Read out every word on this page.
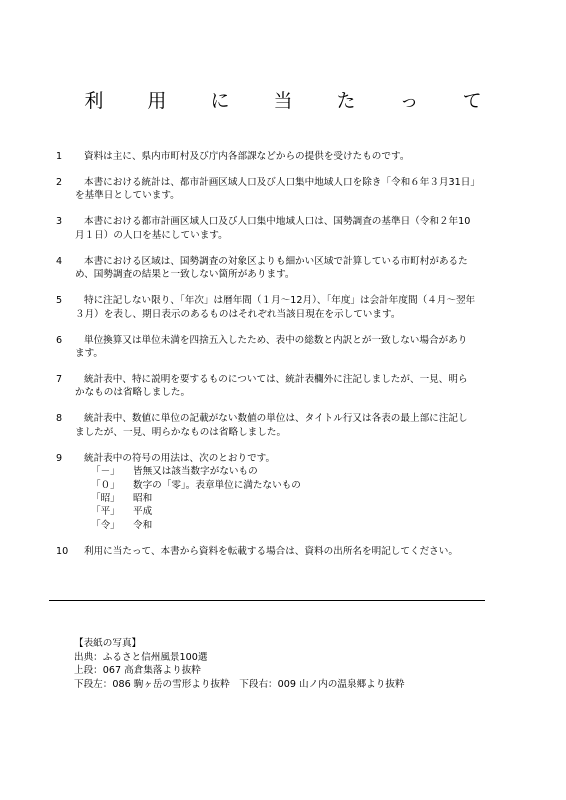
利 用 に 当 た っ て
1	資料は主に、県内市町村及び庁内各部課などからの提供を受けたものです。
2	本書における統計は、都市計画区域人口及び人口集中地域人口を除き「令和６年３月31日」を基準日としています。
3	本書における都市計画区域人口及び人口集中地域人口は、国勢調査の基準日（令和２年10月１日）の人口を基にしています。
4	本書における区域は、国勢調査の対象区よりも細かい区域で計算している市町村があるため、国勢調査の結果と一致しない箇所があります。
5	特に注記しない限り、「年次」は暦年間（１月～12月）、「年度」は会計年度間（４月～翌年３月）を表し、期日表示のあるものはそれぞれ当該日現在を示しています。
6	単位換算又は単位未満を四捨五入したため、表中の総数と内訳とが一致しない場合があります。
7	統計表中、特に説明を要するものについては、統計表欄外に注記しましたが、一見、明らかなものは省略しました。
8	統計表中、数値に単位の記載がない数値の単位は、タイトル行又は各表の最上部に注記しましたが、一見、明らかなものは省略しました。
9	統計表中の符号の用法は、次のとおりです。
「－」	皆無又は該当数字がないもの
「０」	数字の「零」。表章単位に満たないもの
「昭」	昭和
「平」	平成
「令」	令和
10	利用に当たって、本書から資料を転載する場合は、資料の出所名を明記してください。
【表紙の写真】
出典：ふるさと信州風景100選
上段：067 高倉集落より抜粋
下段左：086 駒ヶ岳の雪形より抜粋　下段右：009 山ノ内の温泉郷より抜粋
